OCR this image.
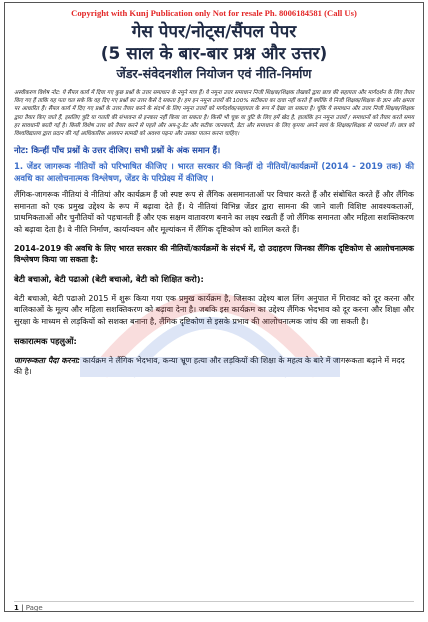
Copyright with Kunj Publication only Not for resale Ph. 8006184581 (Call Us)
गेस पेपर/नोट्स/सैंपल पेपर
(5 साल के बार-बार प्रश्न और उत्तर)
जेंडर-संवेदनशील नियोजन एवं नीति-निर्माण

अस्वीकरण विशेष नोट: ये सैंपल कार्य में दिया गए कुछ प्रश्नों के उत्तर समाधान के नमूने मात्र हैं। ये नमूना उत्तर समाधान निजी शिक्षक/शिक्षक लेखकों द्वारा छात्र की सहायता और मार्गदर्शन के लिए तैयार किए गए हैं ताकि यह पता चल सके कि वह दिए गए प्रश्नों का उत्तर कैसे दे सकता है। हम इन नमूना उत्तरों की 100% सटीकता का दावा नहीं करते हैं क्योंकि ये निजी शिक्षक/शिक्षक के ज्ञान और क्षमता पर आधारित हैं। सैंपल कार्य में दिए गए प्रश्नों के उत्तर तैयार करने के संदर्भ के लिए नमूना उत्तरों को मार्गदर्शक/सहायता के रूप में देखा जा सकता है। चूंकि ये समाधान और उत्तर निजी शिक्षक/शिक्षक द्वारा तैयार किए जाते हैं, इसलिए त्रुटि या गलती की संभावना से इनकार नहीं किया जा सकता है। किसी भी चूक या त्रुटि के लिए हमें खेद है, हालांकि इन नमूना उत्तरों / समाधानों को तैयार करते समय हर सावधानी बरती गई है। किसी विशेष उत्तर को तैयार करने से पहले और अप-टू-डेट और सटीक जानकारी, डेटा और समाधान के लिए कृपया अपने स्वयं के शिक्षक/शिक्षक से परामर्श लें। छात्र को विश्वविद्यालय द्वारा प्रदान की गई आधिकारिक अध्ययन सामग्री को अवश्य पढ़ना और उसका पालन करना चाहिए।

नोट: किन्हीं पाँच प्रश्नों के उत्तर दीजिए। सभी प्रश्नों के अंक समान हैं।

1. जेंडर जागरूक नीतियों को परिभाषित कीजिए । भारत सरकार की किन्हीं दो नीतियों/कार्यक्रमों (2014 - 2019 तक) की अवधि का आलोचनात्मक विश्लेषण, जेंडर के परिप्रेक्ष्य में कीजिए ।

लैंगिक-जागरूक नीतियां वे नीतियां और कार्यक्रम हैं जो स्पष्ट रूप से लैंगिक असमानताओं पर विचार करते हैं और संबोधित करते हैं और लैंगिक समानता को एक प्रमुख उद्देश्य के रूप में बढ़ावा देते हैं। ये नीतियां विभिन्न जेंडर द्वारा सामना की जाने वाली विशिष्ट आवश्यकताओं, प्राथमिकताओं और चुनौतियों को पहचानती हैं और एक सक्षम वातावरण बनाने का लक्ष्य रखती हैं जो लैंगिक समानता और महिला सशक्तिकरण को बढ़ावा देता है। वे नीति निर्माण, कार्यान्वयन और मूल्यांकन में लैंगिक दृष्टिकोण को शामिल करते हैं।

2014-2019 की अवधि के लिए भारत सरकार की नीतियों/कार्यक्रमों के संदर्भ में, दो उदाहरण जिनका लैंगिक दृष्टिकोण से आलोचनात्मक विश्लेषण किया जा सकता है:

बेटी बचाओ, बेटी पढाओ (बेटी बचाओ, बेटी को शिक्षित करो):

बेटी बचाओ, बेटी पढाओ 2015 में शुरू किया गया एक प्रमुख कार्यक्रम है, जिसका उद्देश्य बाल लिंग अनुपात में गिरावट को दूर करना और बालिकाओं के मूल्य और महिला सशक्तिकरण को बढ़ावा देना है। जबकि इस कार्यक्रम का उद्देश्य लैंगिक भेदभाव को दूर करना और शिक्षा और सुरक्षा के माध्यम से लड़कियों को सशक्त बनाना है, लैंगिक दृष्टिकोण से इसके प्रभाव की आलोचनात्मक जांच की जा सकती है।

सकारात्मक पहलुओं:

जागरूकता पैदा करना: कार्यक्रम ने लैंगिक भेदभाव, कन्या भ्रूण हत्या और लड़कियों की शिक्षा के महत्व के बारे में जागरूकता बढ़ाने में मदद की है।

1 | Page
